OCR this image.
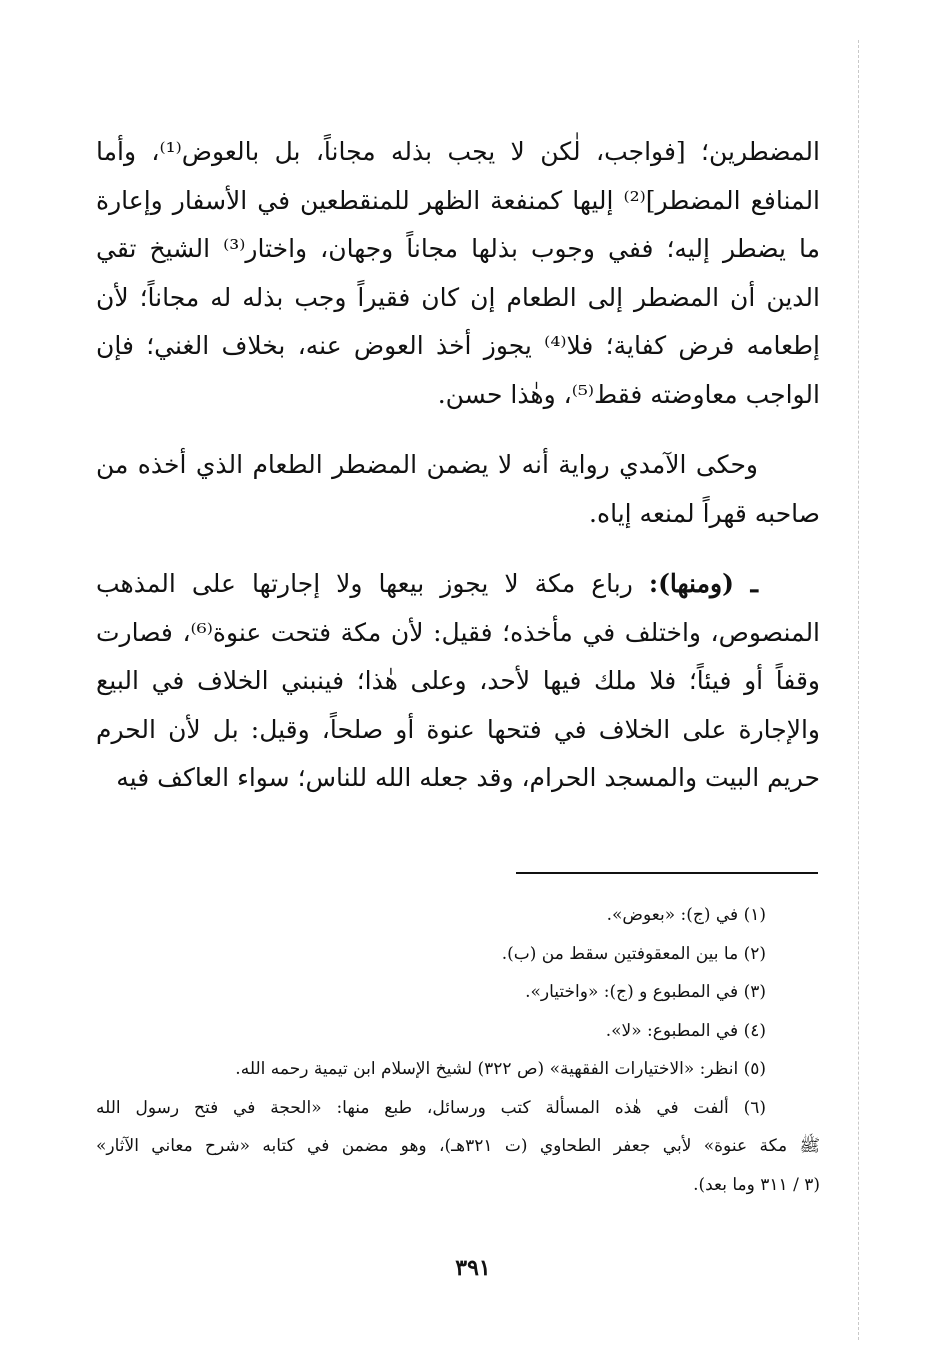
المضطرين؛ [فواجب، لٰكن لا يجب بذله مجاناً، بل بالعوض⁽¹⁾، وأما المنافع المضطر]⁽²⁾ إليها كمنفعة الظهر للمنقطعين في الأسفار وإعارة ما يضطر إليه؛ ففي وجوب بذلها مجاناً وجهان، واختار⁽³⁾ الشيخ تقي الدين أن المضطر إلى الطعام إن كان فقيراً وجب بذله له مجاناً؛ لأن إطعامه فرض كفاية؛ فلا⁽⁴⁾ يجوز أخذ العوض عنه، بخلاف الغني؛ فإن الواجب معاوضته فقط⁽⁵⁾، وهٰذا حسن.

وحكى الآمدي رواية أنه لا يضمن المضطر الطعام الذي أخذه من صاحبه قهراً لمنعه إياه.

ـ (ومنها): رباع مكة لا يجوز بيعها ولا إجارتها على المذهب المنصوص، واختلف في مأخذه؛ فقيل: لأن مكة فتحت عنوة⁽⁶⁾، فصارت وقفاً أو فيئاً؛ فلا ملك فيها لأحد، وعلى هٰذا؛ فينبني الخلاف في البيع والإجارة على الخلاف في فتحها عنوة أو صلحاً، وقيل: بل لأن الحرم حريم البيت والمسجد الحرام، وقد جعله الله للناس؛ سواء العاكف فيه

(١) في (ج): «بعوض».
(٢) ما بين المعقوفتين سقط من (ب).
(٣) في المطبوع و (ج): «واختيار».
(٤) في المطبوع: «لا».
(٥) انظر: «الاختيارات الفقهية» (ص ٣٢٢) لشيخ الإسلام ابن تيمية رحمه الله.
(٦) ألفت في هٰذه المسألة كتب ورسائل، طبع منها: «الحجة في فتح رسول الله
ﷺ مكة عنوة» لأبي جعفر الطحاوي (ت ٣٢١هـ)، وهو مضمن في كتابه «شرح معاني الآثار»
(٣ / ٣١١ وما بعد).
٣٩١
